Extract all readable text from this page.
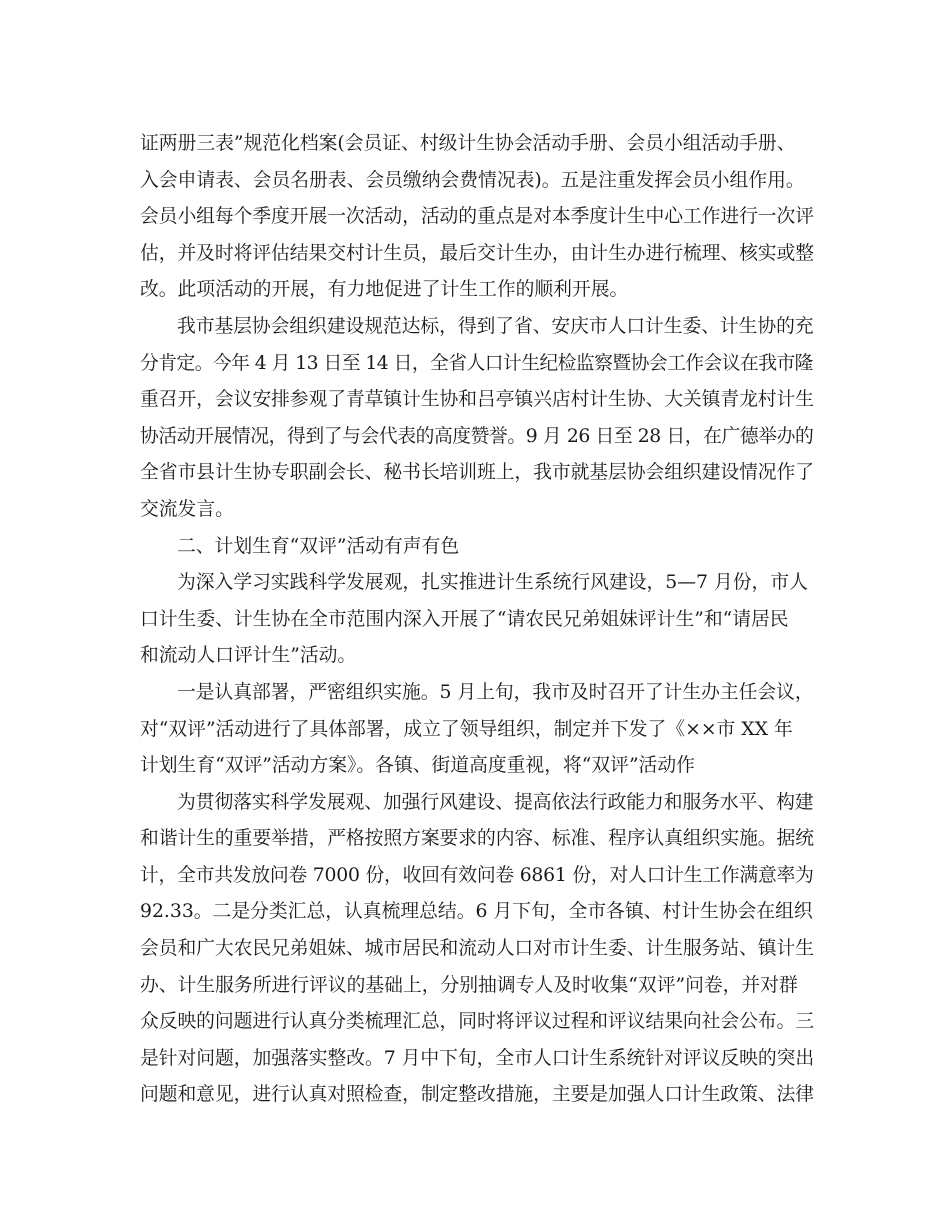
证两册三表”规范化档案(会员证、村级计生协会活动手册、会员小组活动手册、
入会申请表、会员名册表、会员缴纳会费情况表)。五是注重发挥会员小组作用。
会员小组每个季度开展一次活动，活动的重点是对本季度计生中心工作进行一次评
估，并及时将评估结果交村计生员，最后交计生办，由计生办进行梳理、核实或整
改。此项活动的开展，有力地促进了计生工作的顺利开展。

我市基层协会组织建设规范达标，得到了省、安庆市人口计生委、计生协的充
分肯定。今年 4 月 13 日至 14 日，全省人口计生纪检监察暨协会工作会议在我市隆
重召开，会议安排参观了青草镇计生协和吕亭镇兴店村计生协、大关镇青龙村计生
协活动开展情况，得到了与会代表的高度赞誉。9 月 26 日至 28 日，在广德举办的
全省市县计生协专职副会长、秘书长培训班上，我市就基层协会组织建设情况作了
交流发言。

二、计划生育“双评”活动有声有色

为深入学习实践科学发展观，扎实推进计生系统行风建设，5—7 月份，市人
口计生委、计生协在全市范围内深入开展了“请农民兄弟姐妹评计生”和“请居民
和流动人口评计生”活动。

一是认真部署，严密组织实施。5 月上旬，我市及时召开了计生办主任会议，
对“双评”活动进行了具体部署，成立了领导组织，制定并下发了《××市 XX 年
计划生育“双评”活动方案》。各镇、街道高度重视，将“双评”活动作

为贯彻落实科学发展观、加强行风建设、提高依法行政能力和服务水平、构建
和谐计生的重要举措，严格按照方案要求的内容、标准、程序认真组织实施。据统
计，全市共发放问卷 7000 份，收回有效问卷 6861 份，对人口计生工作满意率为
92.33。二是分类汇总，认真梳理总结。6 月下旬，全市各镇、村计生协会在组织
会员和广大农民兄弟姐妹、城市居民和流动人口对市计生委、计生服务站、镇计生
办、计生服务所进行评议的基础上，分别抽调专人及时收集“双评”问卷，并对群
众反映的问题进行认真分类梳理汇总，同时将评议过程和评议结果向社会公布。三
是针对问题，加强落实整改。7 月中下旬，全市人口计生系统针对评议反映的突出
问题和意见，进行认真对照检查，制定整改措施，主要是加强人口计生政策、法律
